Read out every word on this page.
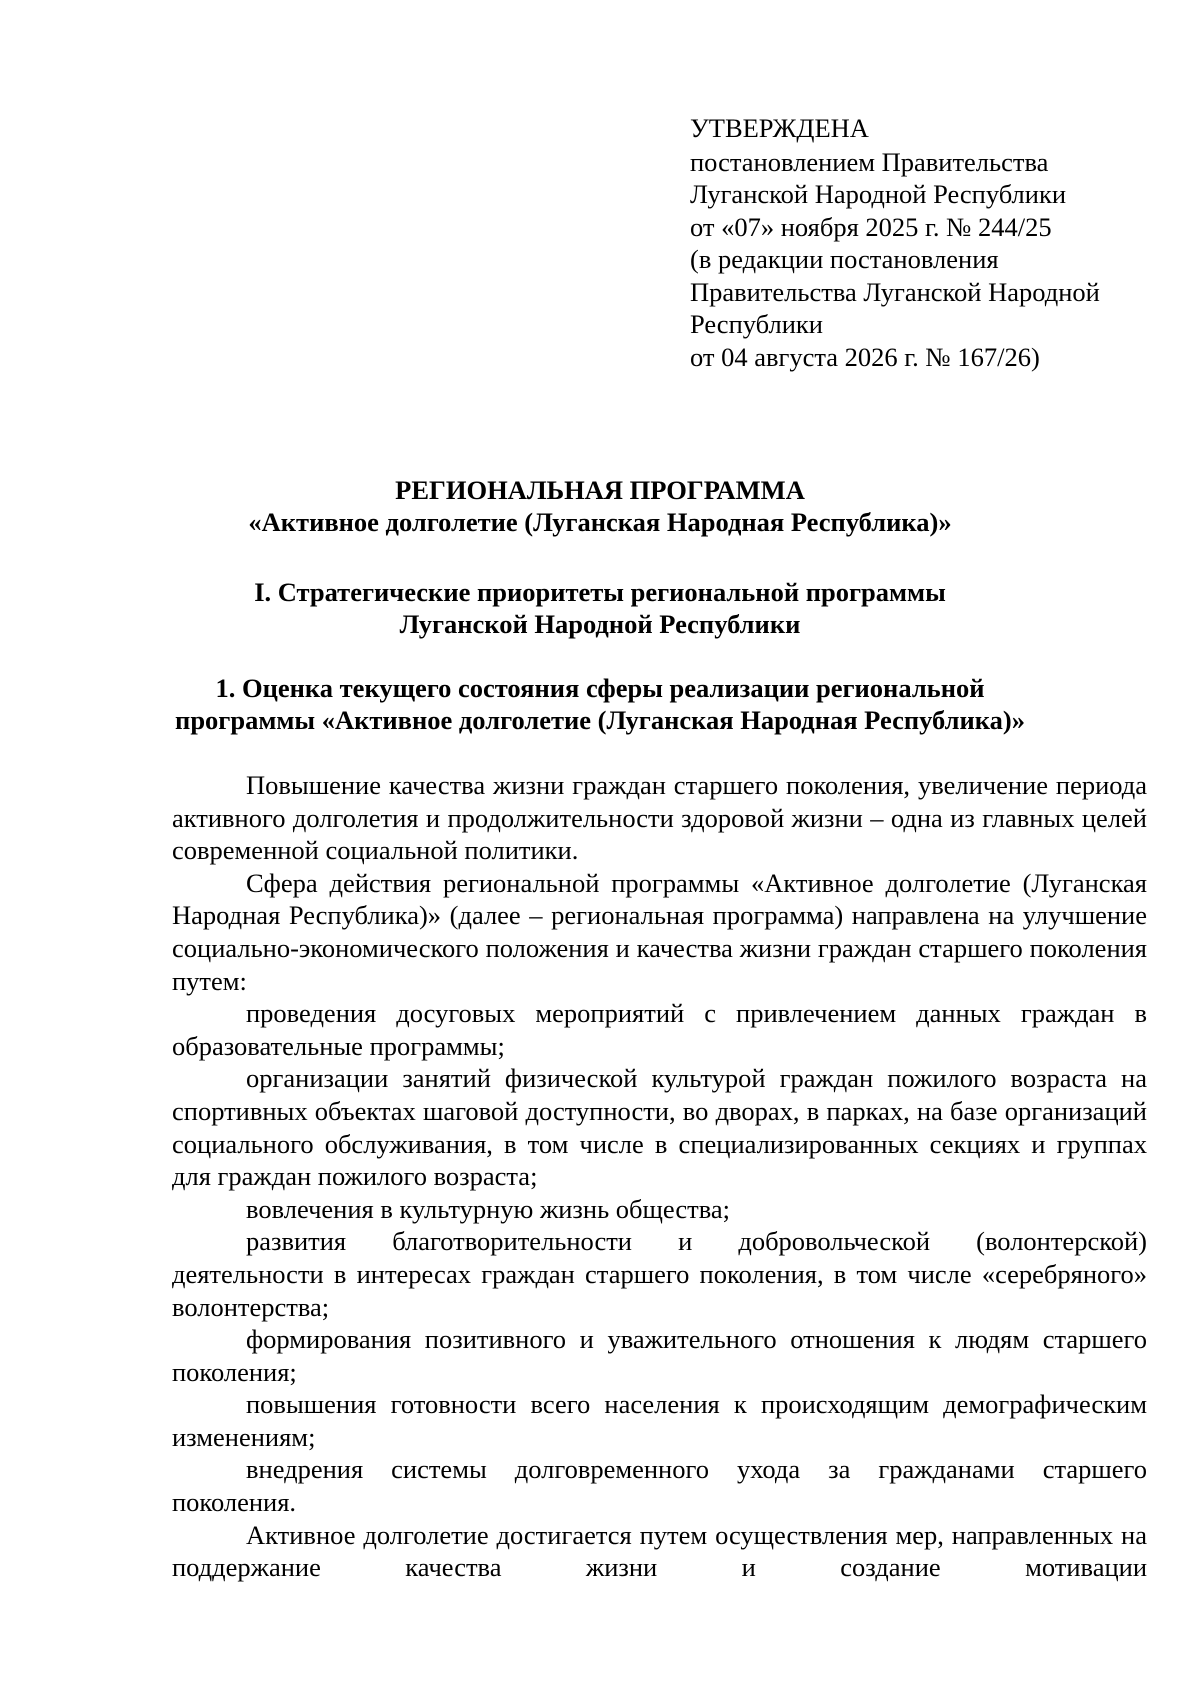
УТВЕРЖДЕНА
постановлением Правительства
Луганской Народной Республики
от «07» ноября 2025 г. № 244/25
(в редакции постановления
Правительства Луганской Народной
Республики
от 04 августа 2026 г. № 167/26)
РЕГИОНАЛЬНАЯ ПРОГРАММА
«Активное долголетие (Луганская Народная Республика)»
I. Стратегические приоритеты региональной программы
Луганской Народной Республики
1. Оценка текущего состояния сферы реализации региональной
программы «Активное долголетие (Луганская Народная Республика)»

Повышение качества жизни граждан старшего поколения, увеличение периода активного долголетия и продолжительности здоровой жизни – одна из главных целей современной социальной политики.

Сфера действия региональной программы «Активное долголетие (Луганская Народная Республика)» (далее – региональная программа) направлена на улучшение социально-экономического положения и качества жизни граждан старшего поколения путем:

проведения досуговых мероприятий с привлечением данных граждан в образовательные программы;

организации занятий физической культурой граждан пожилого возраста на спортивных объектах шаговой доступности, во дворах, в парках, на базе организаций социального обслуживания, в том числе в специализированных секциях и группах для граждан пожилого возраста;

вовлечения в культурную жизнь общества;

развития благотворительности и добровольческой (волонтерской) деятельности в интересах граждан старшего поколения, в том числе «серебряного» волонтерства;

формирования позитивного и уважительного отношения к людям старшего поколения;

повышения готовности всего населения к происходящим демографическим изменениям;

внедрения системы долговременного ухода за гражданами старшего поколения.

Активное долголетие достигается путем осуществления мер, направленных на поддержание качества жизни и создание мотивации
